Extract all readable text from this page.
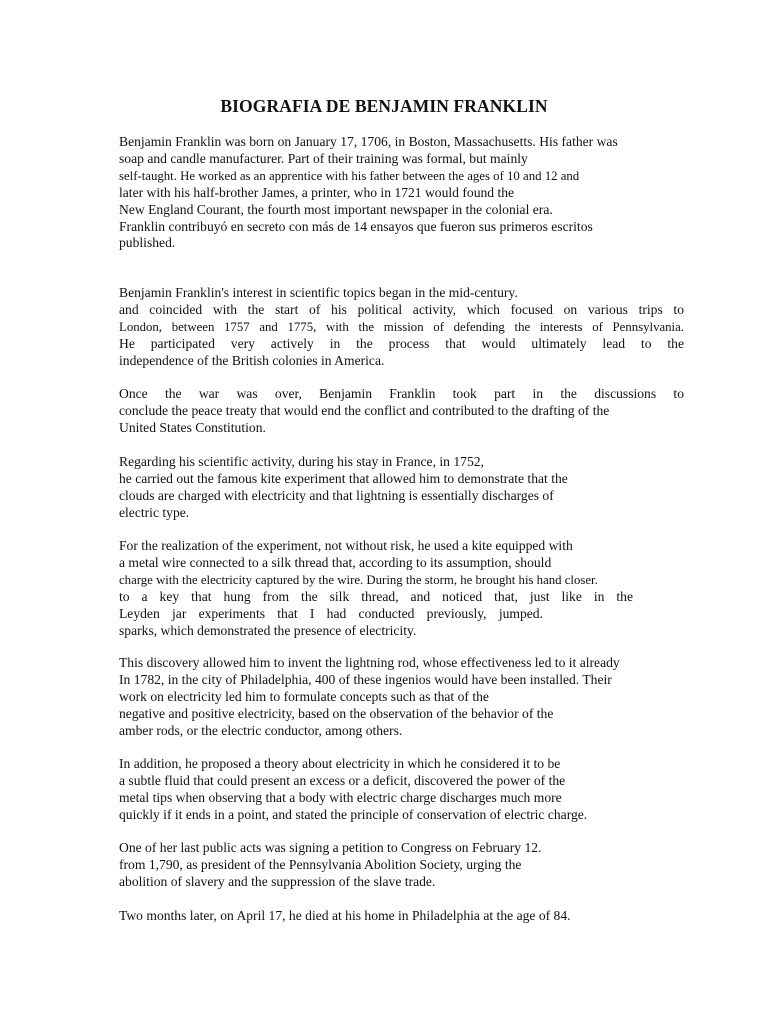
BIOGRAFIA DE BENJAMIN FRANKLIN
Benjamin Franklin was born on January 17, 1706, in Boston, Massachusetts. His father was
soap and candle manufacturer. Part of their training was formal, but mainly
self-taught. He worked as an apprentice with his father between the ages of 10 and 12 and
later with his half-brother James, a printer, who in 1721 would found the
New England Courant, the fourth most important newspaper in the colonial era.
Franklin contribuyó en secreto con más de 14 ensayos que fueron sus primeros escritos
published.
Benjamin Franklin's interest in scientific topics began in the mid-century.
and coincided with the start of his political activity, which focused on various trips to
London, between 1757 and 1775, with the mission of defending the interests of Pennsylvania.
He participated very actively in the process that would ultimately lead to the
independence of the British colonies in America.
Once the war was over, Benjamin Franklin took part in the discussions to
conclude the peace treaty that would end the conflict and contributed to the drafting of the
United States Constitution.
Regarding his scientific activity, during his stay in France, in 1752,
he carried out the famous kite experiment that allowed him to demonstrate that the
clouds are charged with electricity and that lightning is essentially discharges of
electric type.
For the realization of the experiment, not without risk, he used a kite equipped with
a metal wire connected to a silk thread that, according to its assumption, should
charge with the electricity captured by the wire. During the storm, he brought his hand closer.
to a key that hung from the silk thread, and noticed that, just like in the
Leyden jar experiments that I had conducted previously, jumped.
sparks, which demonstrated the presence of electricity.
This discovery allowed him to invent the lightning rod, whose effectiveness led to it already
In 1782, in the city of Philadelphia, 400 of these ingenios would have been installed. Their
work on electricity led him to formulate concepts such as that of the
negative and positive electricity, based on the observation of the behavior of the
amber rods, or the electric conductor, among others.
In addition, he proposed a theory about electricity in which he considered it to be
a subtle fluid that could present an excess or a deficit, discovered the power of the
metal tips when observing that a body with electric charge discharges much more
quickly if it ends in a point, and stated the principle of conservation of electric charge.
One of her last public acts was signing a petition to Congress on February 12.
from 1,790, as president of the Pennsylvania Abolition Society, urging the
abolition of slavery and the suppression of the slave trade.
Two months later, on April 17, he died at his home in Philadelphia at the age of 84.
